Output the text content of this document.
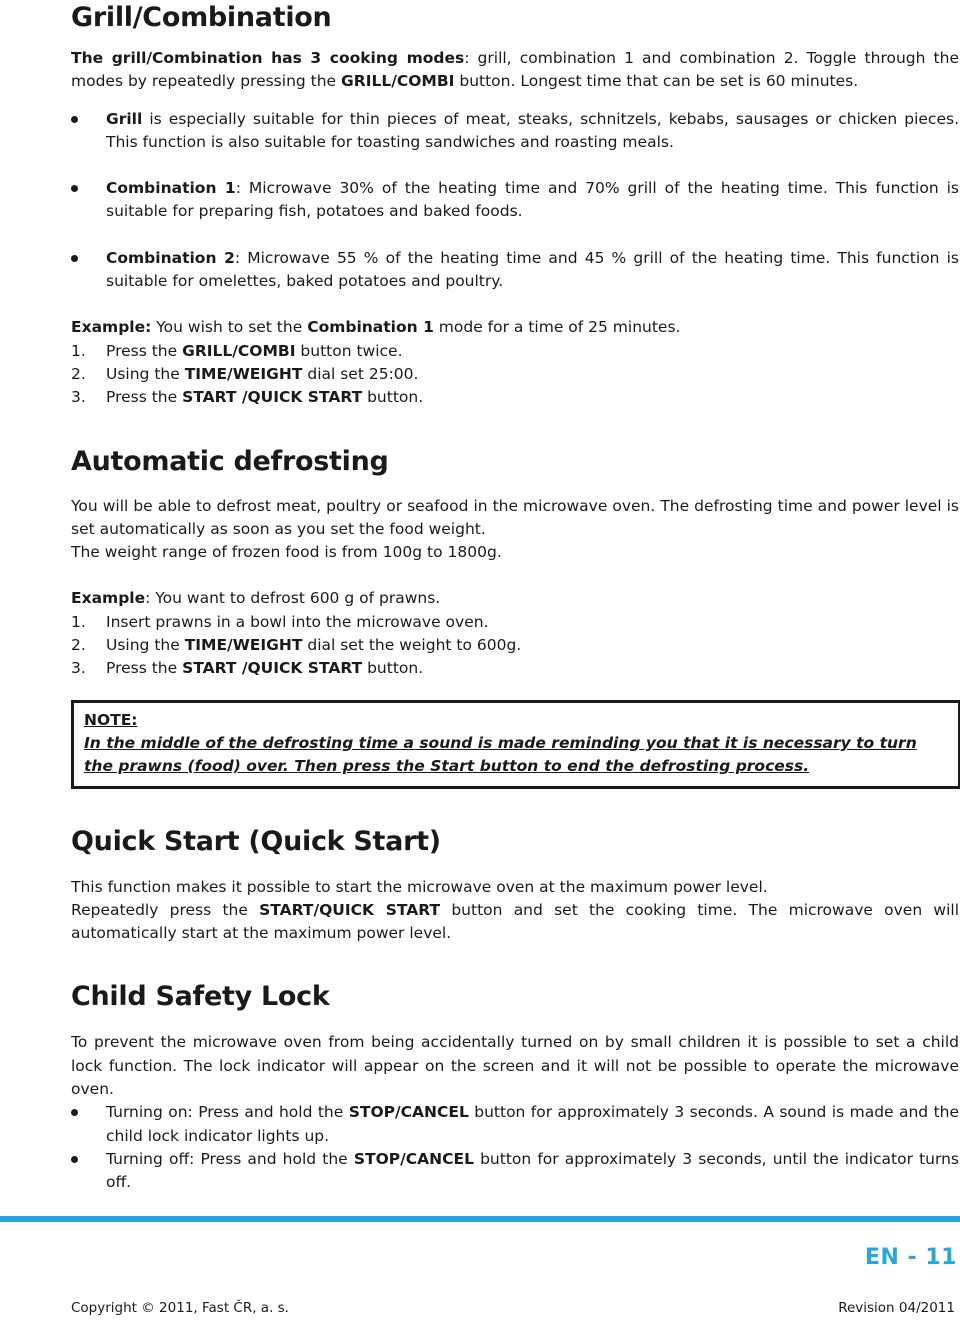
Grill/Combination

The grill/Combination has 3 cooking modes: grill, combination 1 and combination 2. Toggle through the modes by repeatedly pressing the GRILL/COMBI button. Longest time that can be set is 60 minutes.

Grill is especially suitable for thin pieces of meat, steaks, schnitzels, kebabs, sausages or chicken pieces. This function is also suitable for toasting sandwiches and roasting meals.
Combination 1: Microwave 30% of the heating time and 70% grill of the heating time. This function is suitable for preparing fish, potatoes and baked foods.
Combination 2: Microwave 55 % of the heating time and 45 % grill of the heating time. This function is suitable for omelettes, baked potatoes and poultry.

Example: You wish to set the Combination 1 mode for a time of 25 minutes.

1. Press the GRILL/COMBI button twice.
2. Using the TIME/WEIGHT dial set 25:00.
3. Press the START /QUICK START button.
Automatic defrosting

You will be able to defrost meat, poultry or seafood in the microwave oven. The defrosting time and power level is set automatically as soon as you set the food weight.

The weight range of frozen food is from 100g to 1800g.

Example: You want to defrost 600 g of prawns.

1. Insert prawns in a bowl into the microwave oven.
2. Using the TIME/WEIGHT dial set the weight to 600g.
3. Press the START /QUICK START button.

NOTE:

In the middle of the defrosting time a sound is made reminding you that it is necessary to turn the prawns (food) over. Then press the Start button to end the defrosting process.

Quick Start (Quick Start)

This function makes it possible to start the microwave oven at the maximum power level.

Repeatedly press the START/QUICK START button and set the cooking time. The microwave oven will automatically start at the maximum power level.

Child Safety Lock

To prevent the microwave oven from being accidentally turned on by small children it is possible to set a child lock function. The lock indicator will appear on the screen and it will not be possible to operate the microwave oven.

Turning on: Press and hold the STOP/CANCEL button for approximately 3 seconds. A sound is made and the child lock indicator lights up.
Turning off: Press and hold the STOP/CANCEL button for approximately 3 seconds, until the indicator turns off.
EN - 11
Copyright © 2011, Fast ČR, a. s.	Revision 04/2011
